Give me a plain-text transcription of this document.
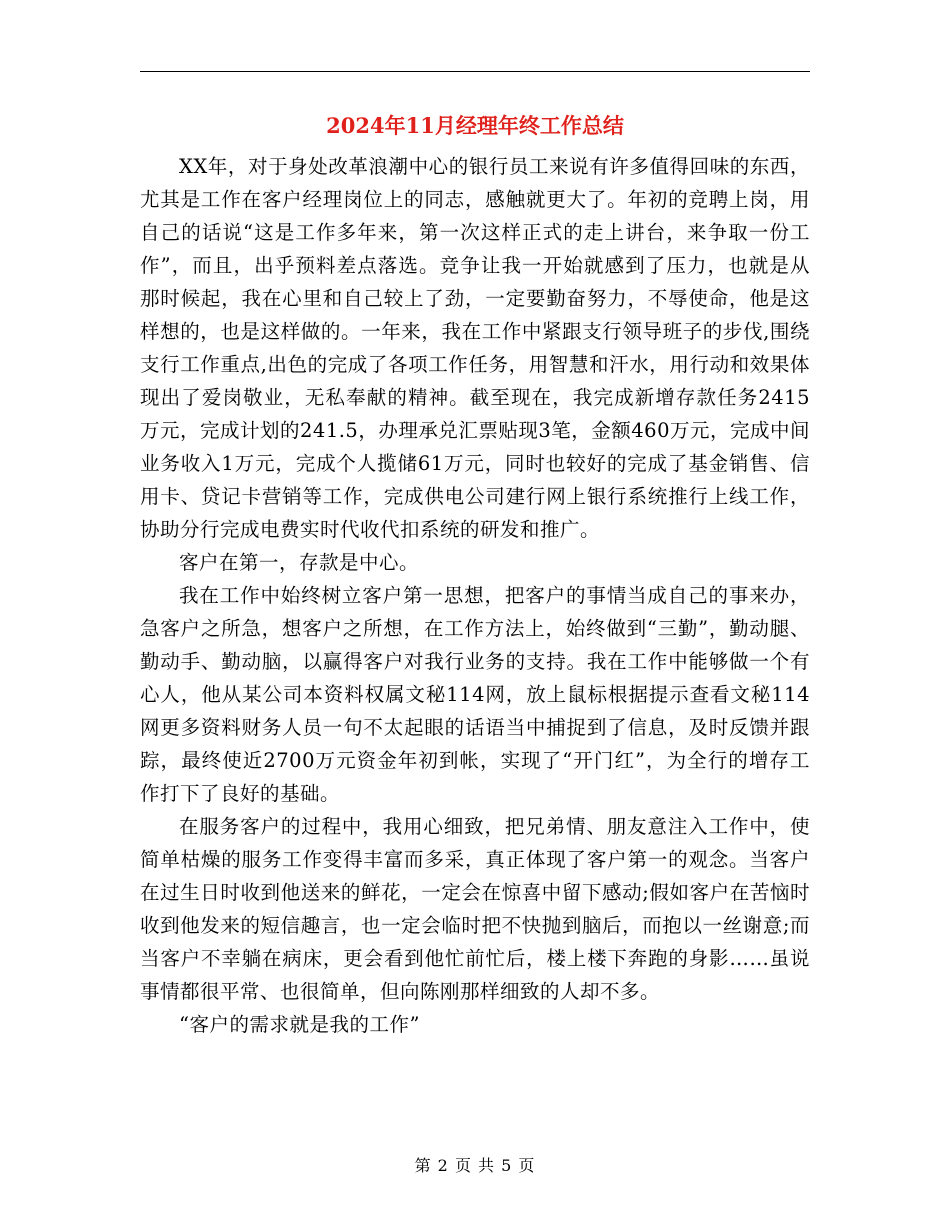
2024年11月经理年终工作总结

XX年，对于身处改革浪潮中心的银行员工来说有许多值得回味的东西，尤其是工作在客户经理岗位上的同志，感触就更大了。年初的竞聘上岗，用自己的话说“这是工作多年来，第一次这样正式的走上讲台，来争取一份工作”，而且，出乎预料差点落选。竞争让我一开始就感到了压力，也就是从那时候起，我在心里和自己较上了劲，一定要勤奋努力，不辱使命，他是这样想的，也是这样做的。一年来，我在工作中紧跟支行领导班子的步伐,围绕支行工作重点,出色的完成了各项工作任务，用智慧和汗水，用行动和效果体现出了爱岗敬业，无私奉献的精神。截至现在，我完成新增存款任务2415万元，完成计划的241.5，办理承兑汇票贴现3笔，金额460万元，完成中间业务收入1万元，完成个人揽储61万元，同时也较好的完成了基金销售、信用卡、贷记卡营销等工作，完成供电公司建行网上银行系统推行上线工作，协助分行完成电费实时代收代扣系统的研发和推广。

客户在第一，存款是中心。

我在工作中始终树立客户第一思想，把客户的事情当成自己的事来办，急客户之所急，想客户之所想，在工作方法上，始终做到“三勤”，勤动腿、勤动手、勤动脑，以赢得客户对我行业务的支持。我在工作中能够做一个有心人，他从某公司本资料权属文秘114网，放上鼠标根据提示查看文秘114网更多资料财务人员一句不太起眼的话语当中捕捉到了信息，及时反馈并跟踪，最终使近2700万元资金年初到帐，实现了“开门红”，为全行的增存工作打下了良好的基础。

在服务客户的过程中，我用心细致，把兄弟情、朋友意注入工作中，使简单枯燥的服务工作变得丰富而多采，真正体现了客户第一的观念。当客户在过生日时收到他送来的鲜花，一定会在惊喜中留下感动;假如客户在苦恼时收到他发来的短信趣言，也一定会临时把不快抛到脑后，而抱以一丝谢意;而当客户不幸躺在病床，更会看到他忙前忙后，楼上楼下奔跑的身影……虽说事情都很平常、也很简单，但向陈刚那样细致的人却不多。

“客户的需求就是我的工作”

第 2 页 共 5 页
